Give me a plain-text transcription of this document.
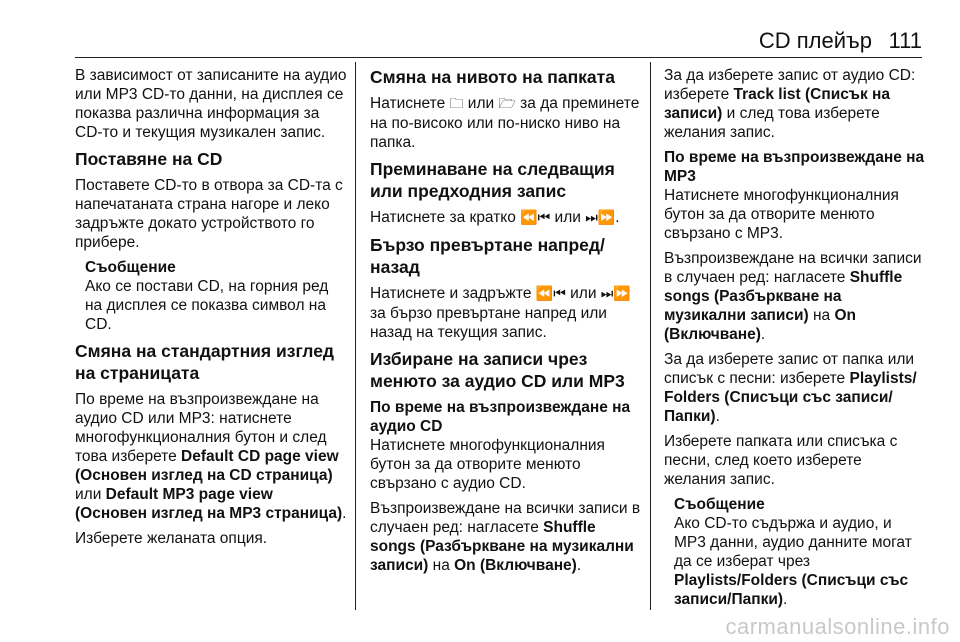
CD плейър 111

В зависимост от записаните на аудио или MP3 CD-то данни, на дисплея се показва различна информация за CD-то и текущия музикален запис.

Поставяне на CD

Поставете CD-то в отвора за CD-та с напечатаната страна нагоре и леко задръжте докато устройството го прибере.

Съобщение
Ако се постави CD, на горния ред на дисплея се показва символ на CD.
Смяна на стандартния изглед на страницата

По време на възпроизвеждане на аудио CD или MP3: натиснете многофункционалния бутон и след това изберете Default CD page view (Основен изглед на CD страница) или Default MP3 page view (Основен изглед на MP3 страница).

Изберете желаната опция.

Смяна на нивото на папката

Натиснете 🗀 или 🗁 за да преминете на по-високо или по-ниско ниво на папка.

Преминаване на следващия или предходния запис

Натиснете за кратко ⏪⏮ или ⏭⏩.

Бързо превъртане напред/назад

Натиснете и задръжте ⏪⏮ или ⏭⏩ за бързо превъртане напред или назад на текущия запис.

Избиране на записи чрез менюто за аудио CD или MP3
По време на възпроизвеждане на аудио CD

Натиснете многофункционалния бутон за да отворите менюто свързано с аудио CD.

Възпроизвеждане на всички записи в случаен ред: нагласете Shuffle songs (Разбъркване на музикални записи) на On (Включване).

За да изберете запис от аудио CD: изберете Track list (Списък на записи) и след това изберете желания запис.

По време на възпроизвеждане на MP3

Натиснете многофункционалния бутон за да отворите менюто свързано с MP3.

Възпроизвеждане на всички записи в случаен ред: нагласете Shuffle songs (Разбъркване на музикални записи) на On (Включване).

За да изберете запис от папка или списък с песни: изберете Playlists/ Folders (Списъци със записи/ Папки).

Изберете папката или списъка с песни, след което изберете желания запис.

Съобщение
Ако CD-то съдържа и аудио, и MP3 данни, аудио данните могат да се изберат чрез Playlists/Folders (Списъци със записи/Папки).
carmanualsonline.info
